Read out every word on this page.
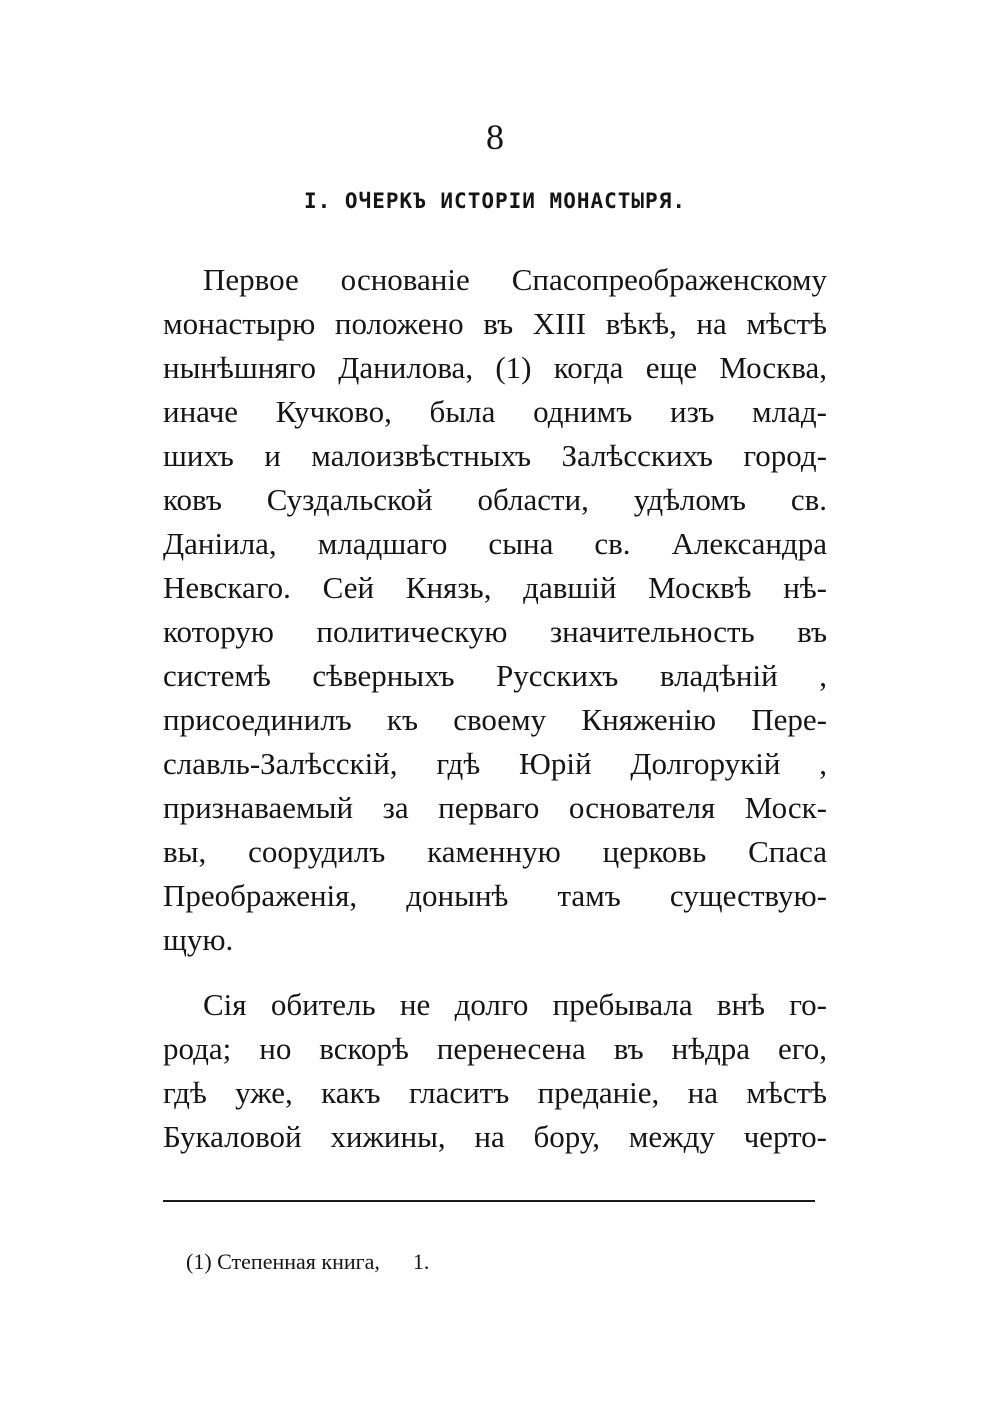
8
I. ОЧЕРКЪ ИСТОРІИ МОНАСТЫРЯ.
Первое основаніе Спасопреображенскому
монастырю положено въ XIII вѣкѣ, на мѣстѣ
нынѣшняго Данилова, (1) когда еще Москва,
иначе Кучково, была однимъ изъ млад-
шихъ и малоизвѣстныхъ Залѣсскихъ город-
ковъ Суздальской области, удѣломъ св.
Даніила, младшаго сына св. Александра
Невскаго. Сей Князь, давшій Москвѣ нѣ-
которую политическую значительность въ
системѣ сѣверныхъ Русскихъ владѣній ,
присоединилъ къ своему Княженію Пере-
славль-Залѣсскій, гдѣ Юрій Долгорукій ,
признаваемый за перваго основателя Моск-
вы, соорудилъ каменную церковь Спаса
Преображенія, донынѣ тамъ существую-
щую.
Сія обитель не долго пребывала внѣ го-
рода; но вскорѣ перенесена въ нѣдра его,
гдѣ уже, какъ гласитъ преданіе, на мѣстѣ
Букаловой хижины, на бору, между черто-
(1) Степенная книга, 1.
